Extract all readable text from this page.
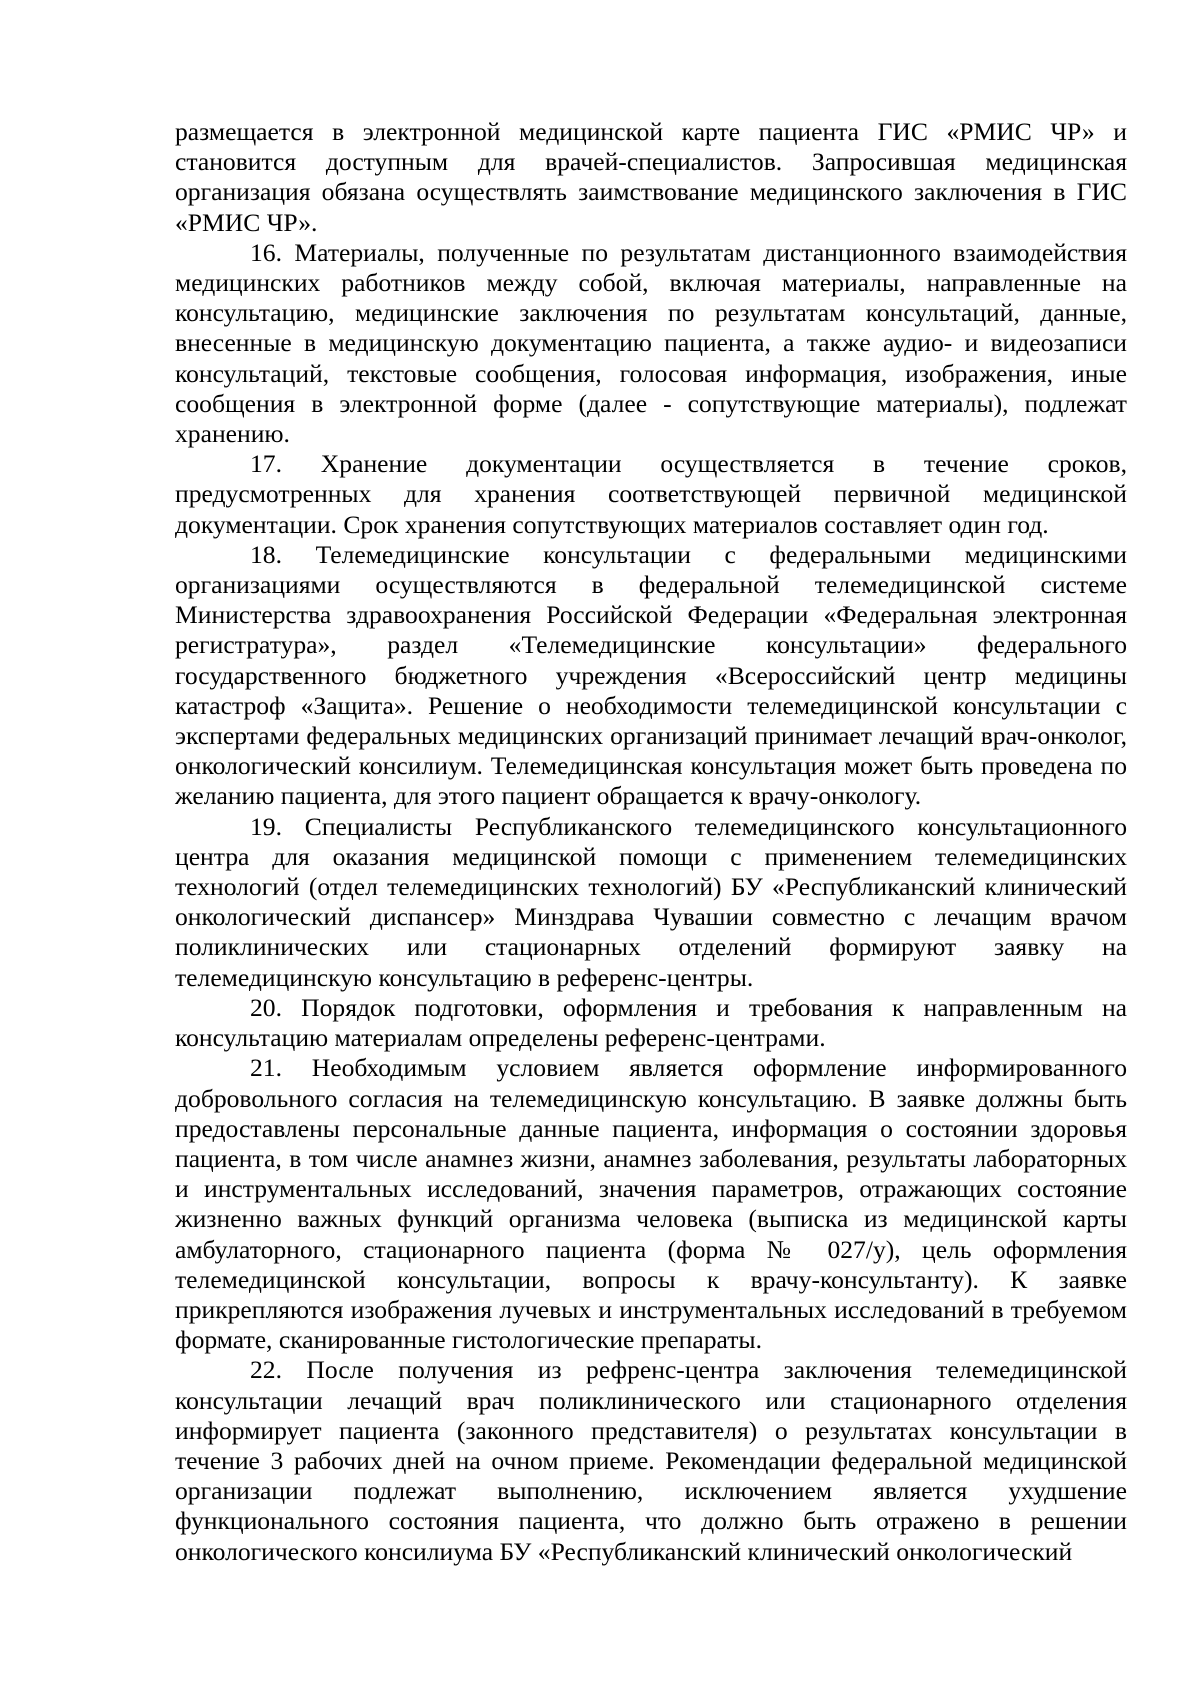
размещается в электронной медицинской карте пациента ГИС «РМИС ЧР» и становится доступным для врачей-специалистов. Запросившая медицинская организация обязана осуществлять заимствование медицинского заключения в ГИС «РМИС ЧР».

16. Материалы, полученные по результатам дистанционного взаимодействия медицинских работников между собой, включая материалы, направленные на консультацию, медицинские заключения по результатам консультаций, данные, внесенные в медицинскую документацию пациента, а также аудио- и видеозаписи консультаций, текстовые сообщения, голосовая информация, изображения, иные сообщения в электронной форме (далее - сопутствующие материалы), подлежат хранению.

17. Хранение документации осуществляется в течение сроков, предусмотренных для хранения соответствующей первичной медицинской документации. Срок хранения сопутствующих материалов составляет один год.

18. Телемедицинские консультации с федеральными медицинскими организациями осуществляются в федеральной телемедицинской системе Министерства здравоохранения Российской Федерации «Федеральная электронная регистратура», раздел «Телемедицинские консультации» федерального государственного бюджетного учреждения «Всероссийский центр медицины катастроф «Защита». Решение о необходимости телемедицинской консультации с экспертами федеральных медицинских организаций принимает лечащий врач-онколог, онкологический консилиум. Телемедицинская консультация может быть проведена по желанию пациента, для этого пациент обращается к врачу-онкологу.

19. Специалисты Республиканского телемедицинского консультационного центра для оказания медицинской помощи с применением телемедицинских технологий (отдел телемедицинских технологий) БУ «Республиканский клинический онкологический диспансер» Минздрава Чувашии совместно с лечащим врачом поликлинических или стационарных отделений формируют заявку на телемедицинскую консультацию в референс-центры.

20. Порядок подготовки, оформления и требования к направленным на консультацию материалам определены референс-центрами.

21. Необходимым условием является оформление информированного добровольного согласия на телемедицинскую консультацию. В заявке должны быть предоставлены персональные данные пациента, информация о состоянии здоровья пациента, в том числе анамнез жизни, анамнез заболевания, результаты лабораторных и инструментальных исследований, значения параметров, отражающих состояние жизненно важных функций организма человека (выписка из медицинской карты амбулаторного, стационарного пациента (форма № 027/у), цель оформления телемедицинской консультации, вопросы к врачу-консультанту). К заявке прикрепляются изображения лучевых и инструментальных исследований в требуемом формате, сканированные гистологические препараты.

22. После получения из рефренс-центра заключения телемедицинской консультации лечащий врач поликлинического или стационарного отделения информирует пациента (законного представителя) о результатах консультации в течение 3 рабочих дней на очном приеме. Рекомендации федеральной медицинской организации подлежат выполнению, исключением является ухудшение функционального состояния пациента, что должно быть отражено в решении онкологического консилиума БУ «Республиканский клинический онкологический
